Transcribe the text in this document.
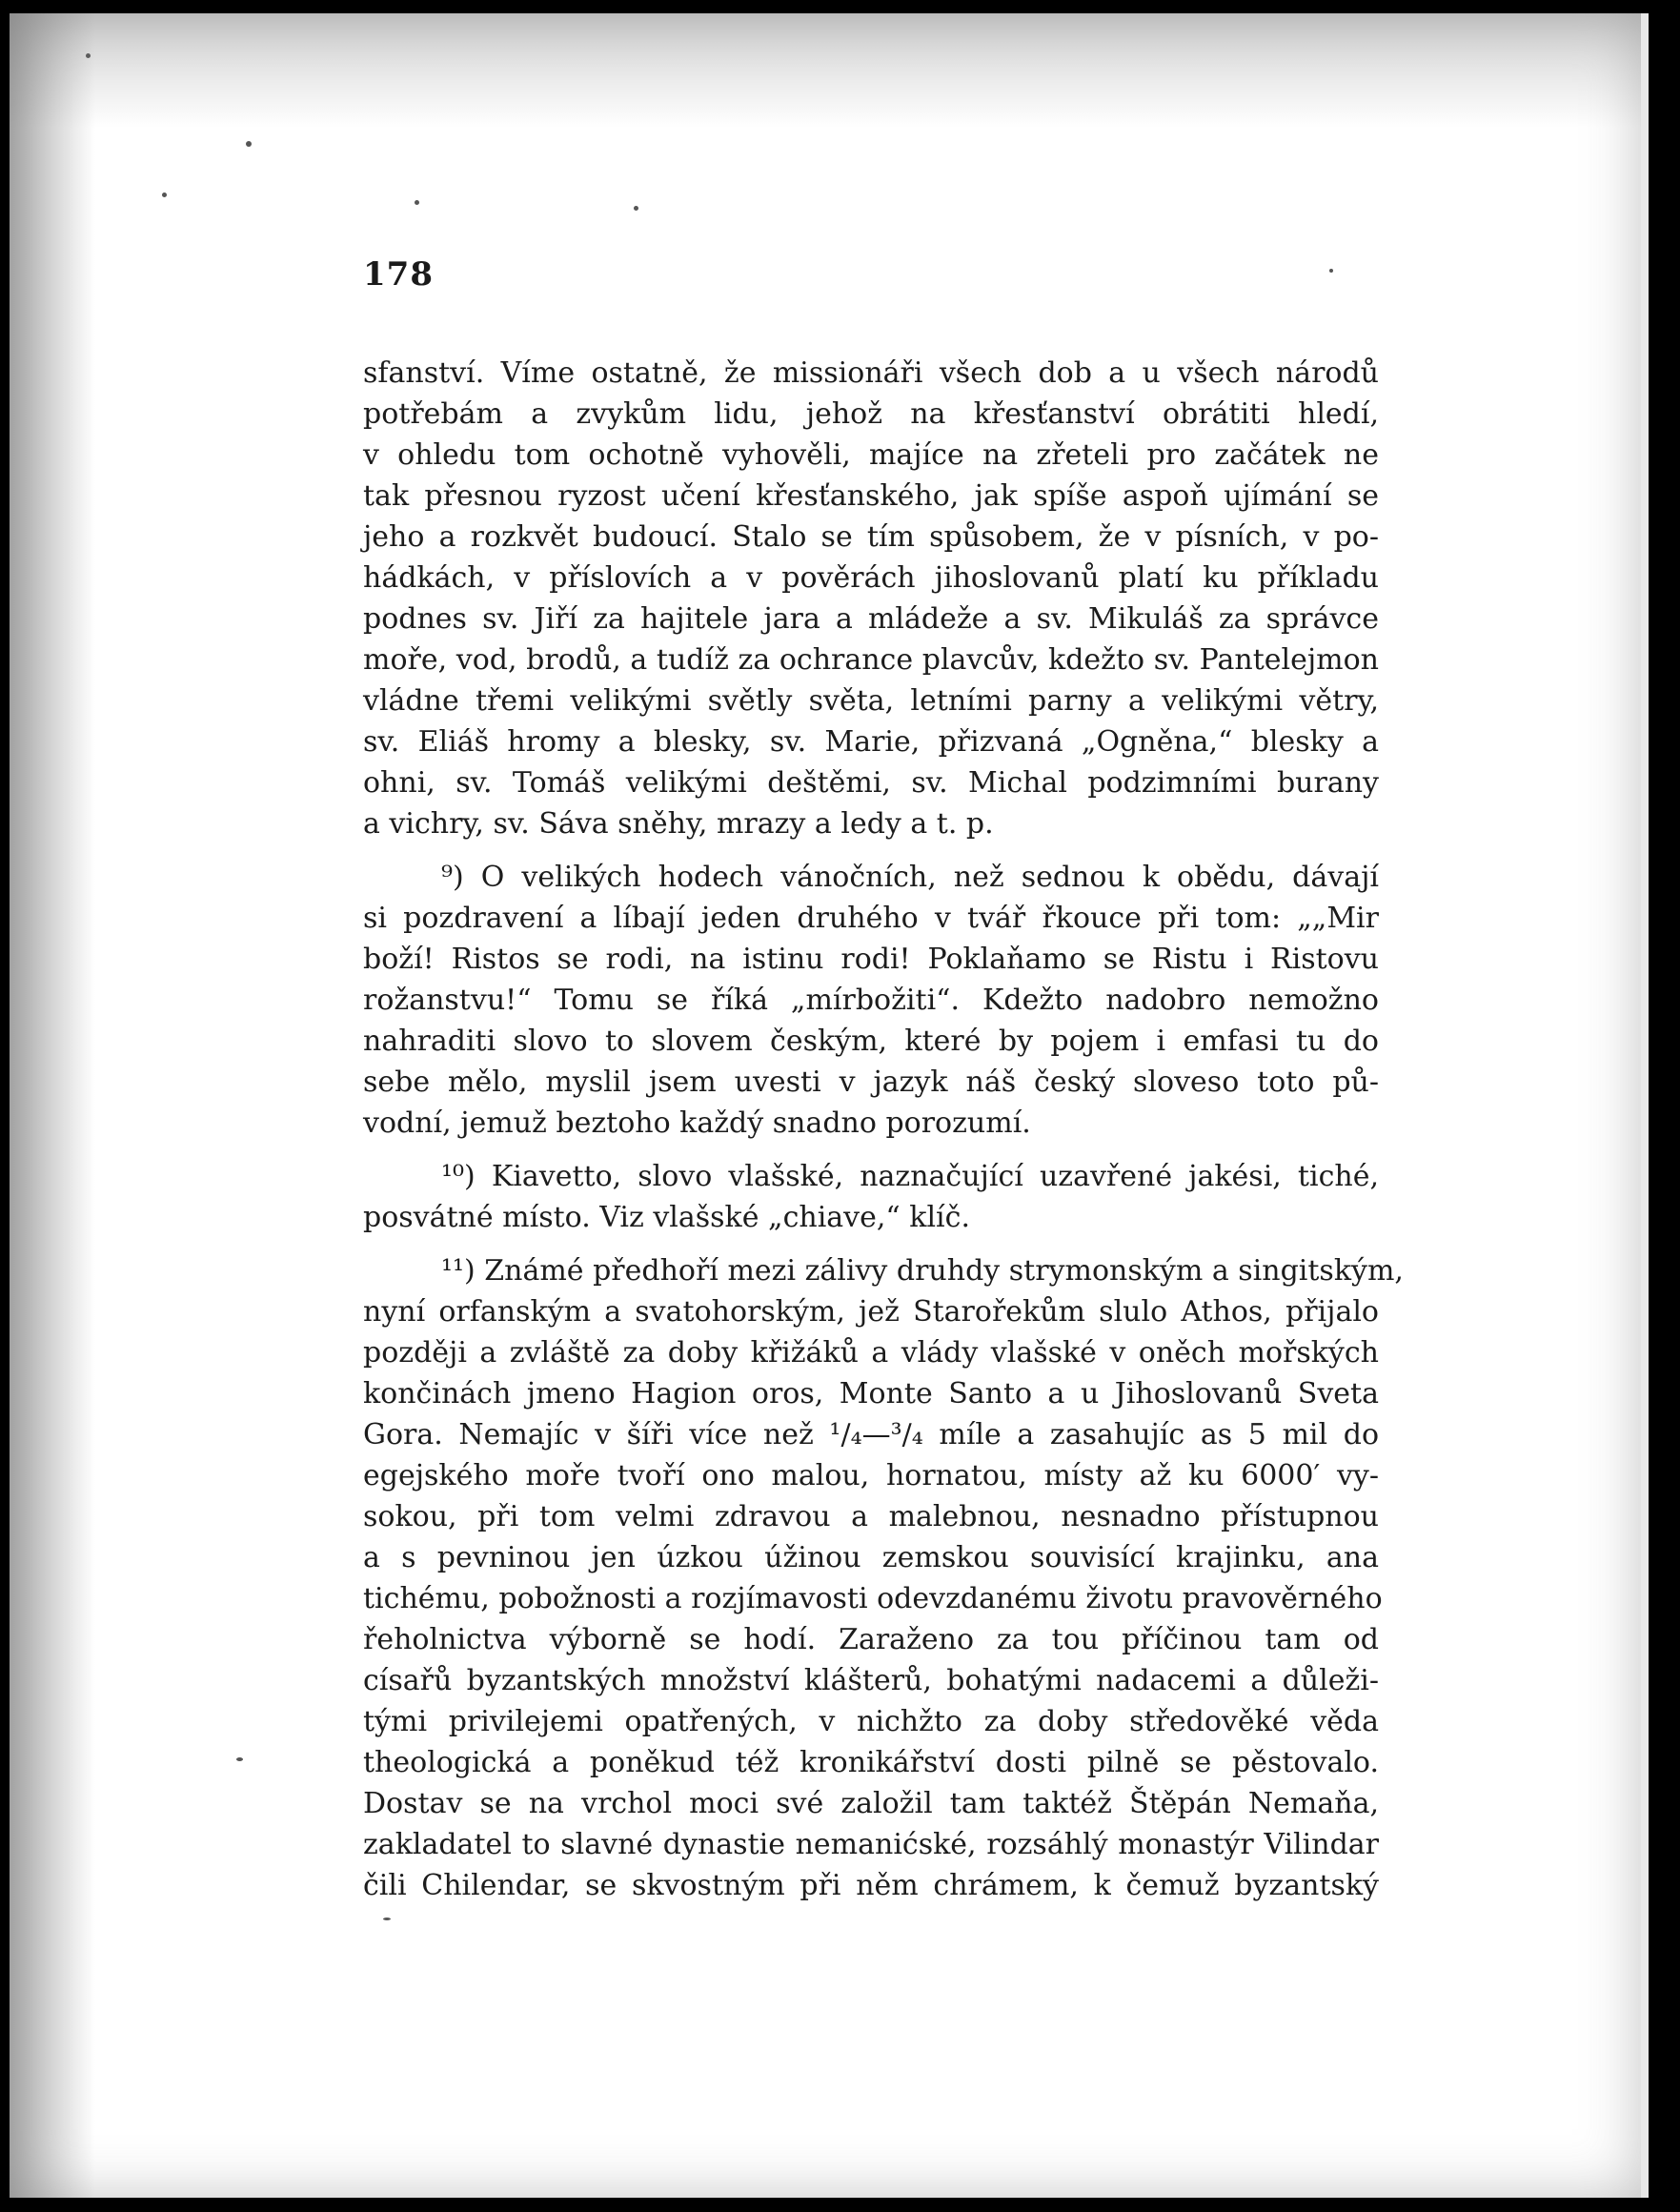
178
sfanství. Víme ostatně, že missionáři všech dob a u všech národů
potřebám a zvykům lidu, jehož na křesťanství obrátiti hledí,
v ohledu tom ochotně vyhověli, majíce na zřeteli pro začátek ne
tak přesnou ryzost učení křesťanského, jak spíše aspoň ujímání se
jeho a rozkvět budoucí. Stalo se tím spůsobem, že v písních, v po-
hádkách, v příslovích a v pověrách jihoslovanů platí ku příkladu
podnes sv. Jiří za hajitele jara a mládeže a sv. Mikuláš za správce
moře, vod, brodů, a tudíž za ochrance plavcův, kdežto sv. Pantelejmon
vládne třemi velikými světly světa, letními parny a velikými větry,
sv. Eliáš hromy a blesky, sv. Marie, přizvaná „Ogněna,“ blesky a
ohni, sv. Tomáš velikými deštěmi, sv. Michal podzimními burany
a vichry, sv. Sáva sněhy, mrazy a ledy a t. p.
⁹) O velikých hodech vánočních, než sednou k obědu, dávají
si pozdravení a líbají jeden druhého v tvář řkouce při tom: „„Mir
boží! Ristos se rodi, na istinu rodi! Poklaňamo se Ristu i Ristovu
rožanstvu!“ Tomu se říká „mírbožiti“. Kdežto nadobro nemožno
nahraditi slovo to slovem českým, které by pojem i emfasi tu do
sebe mělo, myslil jsem uvesti v jazyk náš český sloveso toto pů-
vodní, jemuž beztoho každý snadno porozumí.
¹⁰) Kiavetto, slovo vlašské, naznačující uzavřené jakési, tiché,
posvátné místo. Viz vlašské „chiave,“ klíč.
¹¹) Známé předhoří mezi zálivy druhdy strymonským a singitským,
nyní orfanským a svatohorským, jež Starořekům slulo Athos, přijalo
později a zvláště za doby křižáků a vlády vlašské v oněch mořských
končinách jmeno Hagion oros, Monte Santo a u Jihoslovanů Sveta
Gora. Nemajíc v šíři více než ¹/₄—³/₄ míle a zasahujíc as 5 mil do
egejského moře tvoří ono malou, hornatou, místy až ku 6000′ vy-
sokou, při tom velmi zdravou a malebnou, nesnadno přístupnou
a s pevninou jen úzkou úžinou zemskou souvisící krajinku, ana
tichému, pobožnosti a rozjímavosti odevzdanému životu pravověrného
řeholnictva výborně se hodí. Zaraženo za tou příčinou tam od
císařů byzantských množství klášterů, bohatými nadacemi a důleži-
tými privilejemi opatřených, v nichžto za doby středověké věda
theologická a poněkud též kronikářství dosti pilně se pěstovalo.
Dostav se na vrchol moci své založil tam taktéž Štěpán Nemaňa,
zakladatel to slavné dynastie nemanićské, rozsáhlý monastýr Vilindar
čili Chilendar, se skvostným při něm chrámem, k čemuž byzantský
